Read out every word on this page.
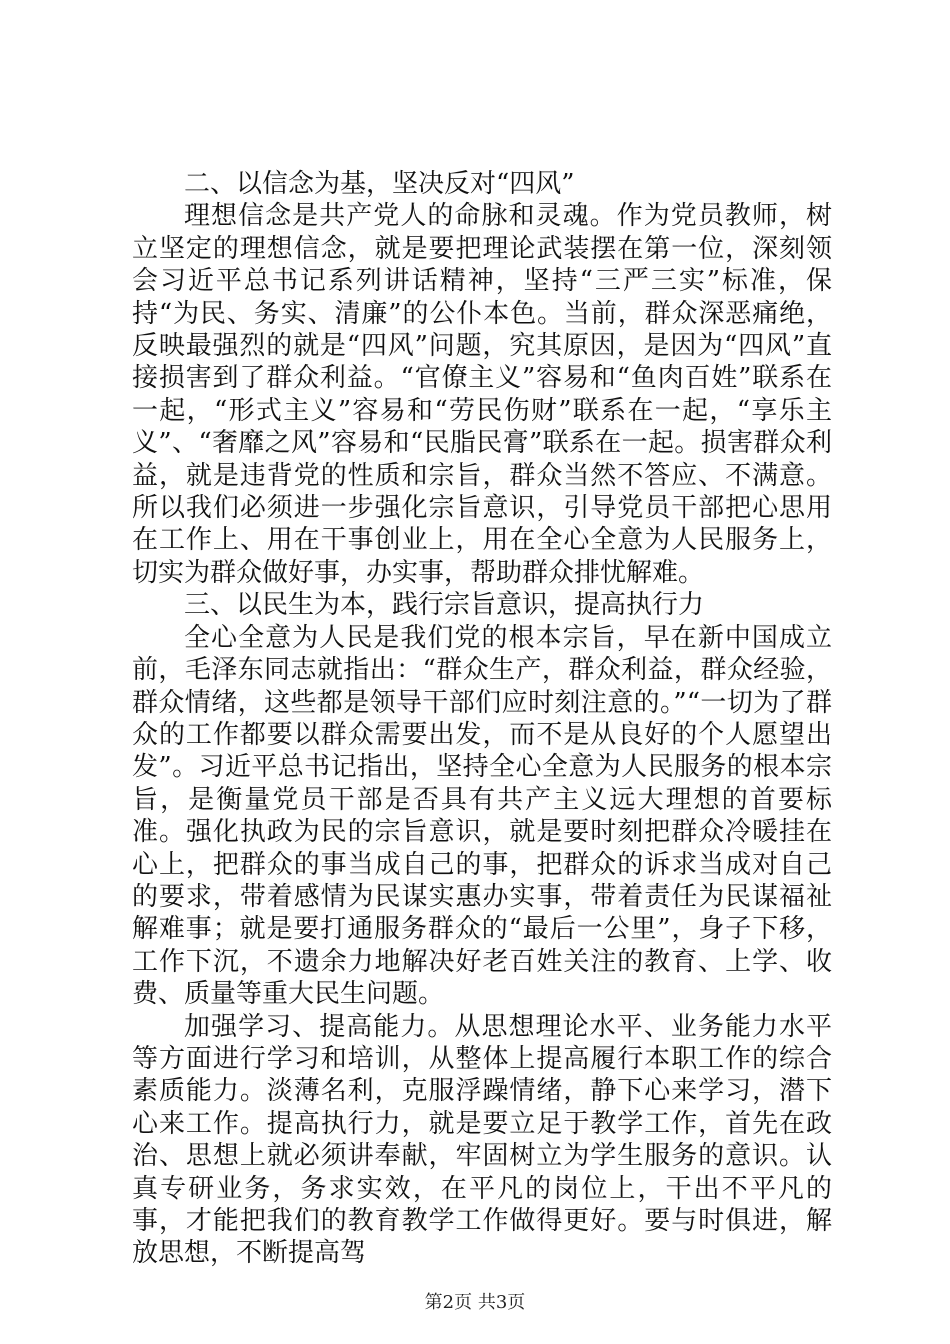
二、以信念为基，坚决反对“四风”

理想信念是共产党人的命脉和灵魂。作为党员教师，树立坚定的理想信念，就是要把理论武装摆在第一位，深刻领会习近平总书记系列讲话精神，坚持“三严三实”标准，保持“为民、务实、清廉”的公仆本色。当前，群众深恶痛绝，反映最强烈的就是“四风”问题，究其原因，是因为“四风”直接损害到了群众利益。“官僚主义”容易和“鱼肉百姓”联系在一起，“形式主义”容易和“劳民伤财”联系在一起，“享乐主义”、“奢靡之风”容易和“民脂民膏”联系在一起。损害群众利益，就是违背党的性质和宗旨，群众当然不答应、不满意。所以我们必须进一步强化宗旨意识，引导党员干部把心思用在工作上、用在干事创业上，用在全心全意为人民服务上，切实为群众做好事，办实事，帮助群众排忧解难。

三、以民生为本，践行宗旨意识，提高执行力

全心全意为人民是我们党的根本宗旨，早在新中国成立前，毛泽东同志就指出：“群众生产，群众利益，群众经验，群众情绪，这些都是领导干部们应时刻注意的。”“一切为了群众的工作都要以群众需要出发，而不是从良好的个人愿望出发”。习近平总书记指出，坚持全心全意为人民服务的根本宗旨，是衡量党员干部是否具有共产主义远大理想的首要标准。强化执政为民的宗旨意识，就是要时刻把群众冷暖挂在心上，把群众的事当成自己的事，把群众的诉求当成对自己的要求，带着感情为民谋实惠办实事，带着责任为民谋福祉解难事；就是要打通服务群众的“最后一公里”，身子下移，工作下沉，不遗余力地解决好老百姓关注的教育、上学、收费、质量等重大民生问题。

加强学习、提高能力。从思想理论水平、业务能力水平等方面进行学习和培训，从整体上提高履行本职工作的综合素质能力。淡薄名利，克服浮躁情绪，静下心来学习，潜下心来工作。提高执行力，就是要立足于教学工作，首先在政治、思想上就必须讲奉献，牢固树立为学生服务的意识。认真专研业务，务求实效，在平凡的岗位上，干出不平凡的事，才能把我们的教育教学工作做得更好。要与时俱进，解放思想，不断提高驾

第2页 共3页
